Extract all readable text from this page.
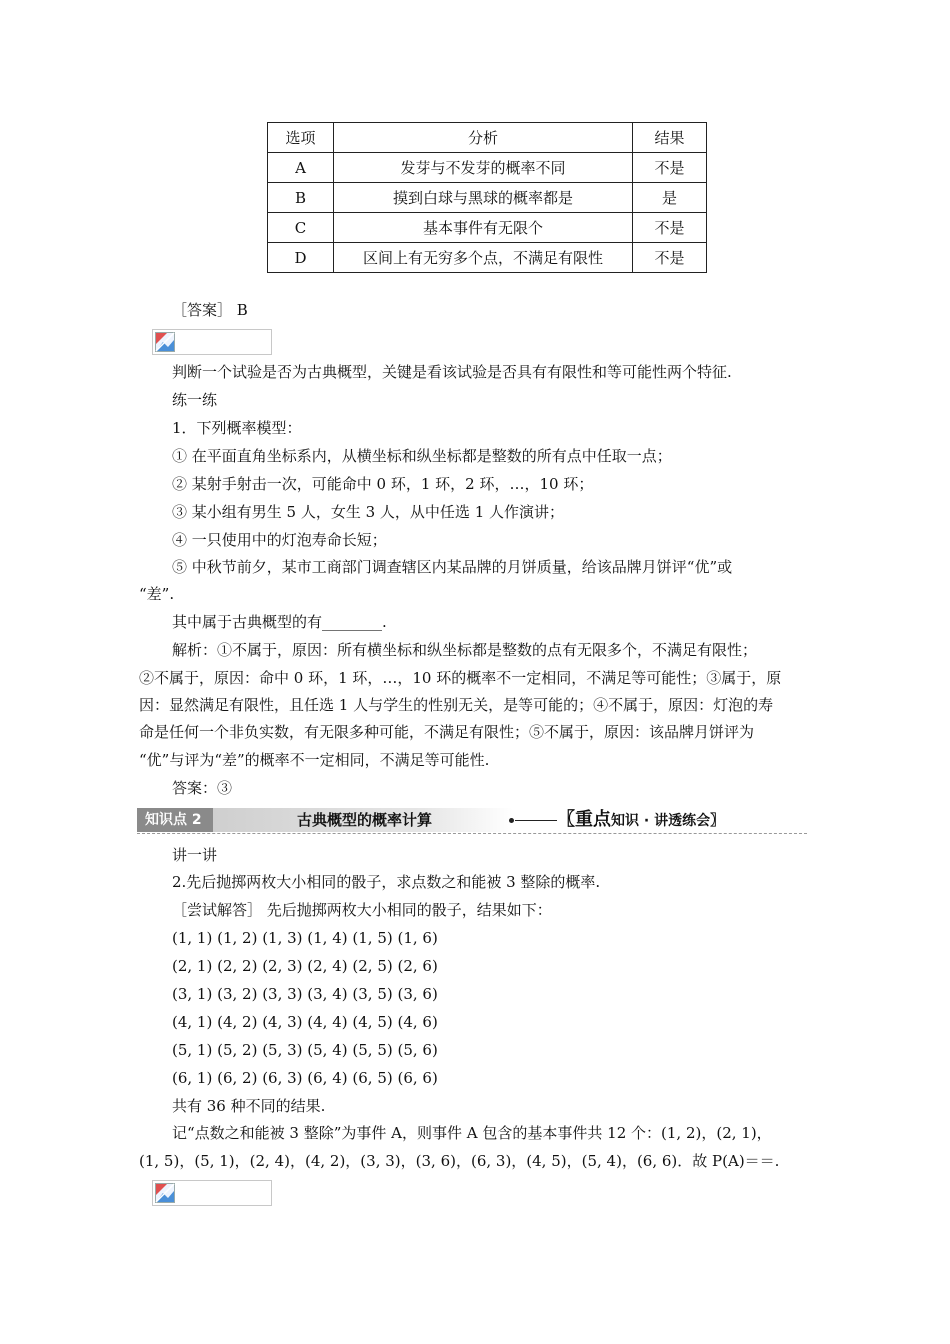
选项	分析	结果
A	发芽与不发芽的概率不同	不是
B	摸到白球与黑球的概率都是	是
C	基本事件有无限个	不是
D	区间上有无穷多个点，不满足有限性	不是
［答案］ B
判断一个试验是否为古典概型，关键是看该试验是否具有有限性和等可能性两个特征.
练一练
1．下列概率模型：
① 在平面直角坐标系内，从横坐标和纵坐标都是整数的所有点中任取一点；
② 某射手射击一次，可能命中 0 环，1 环，2 环，…，10 环；
③ 某小组有男生 5 人，女生 3 人，从中任选 1 人作演讲；
④ 一只使用中的灯泡寿命长短；
⑤ 中秋节前夕，某市工商部门调查辖区内某品牌的月饼质量，给该品牌月饼评“优”或
“差”.
其中属于古典概型的有________.
解析：①不属于，原因：所有横坐标和纵坐标都是整数的点有无限多个，不满足有限性；
②不属于，原因：命中 0 环，1 环，…，10 环的概率不一定相同，不满足等可能性；③属于，原
因：显然满足有限性，且任选 1 人与学生的性别无关，是等可能的；④不属于，原因：灯泡的寿
命是任何一个非负实数，有无限多种可能，不满足有限性；⑤不属于，原因：该品牌月饼评为
“优”与评为“差”的概率不一定相同，不满足等可能性.
答案：③
知识点 2	古典概型的概率计算	〖重点知识 · 讲透练会〗
讲一讲
2.先后抛掷两枚大小相同的骰子，求点数之和能被 3 整除的概率.
［尝试解答］ 先后抛掷两枚大小相同的骰子，结果如下：
(1, 1) (1, 2) (1, 3) (1, 4) (1, 5) (1, 6)
(2, 1) (2, 2) (2, 3) (2, 4) (2, 5) (2, 6)
(3, 1) (3, 2) (3, 3) (3, 4) (3, 5) (3, 6)
(4, 1) (4, 2) (4, 3) (4, 4) (4, 5) (4, 6)
(5, 1) (5, 2) (5, 3) (5, 4) (5, 5) (5, 6)
(6, 1) (6, 2) (6, 3) (6, 4) (6, 5) (6, 6)
共有 36 种不同的结果.
记“点数之和能被 3 整除”为事件 A，则事件 A 包含的基本事件共 12 个：(1, 2)，(2, 1)，
(1, 5)，(5, 1)，(2, 4)，(4, 2)，(3, 3)，(3, 6)，(6, 3)，(4, 5)，(5, 4)，(6, 6)．故 P(A)＝＝.
